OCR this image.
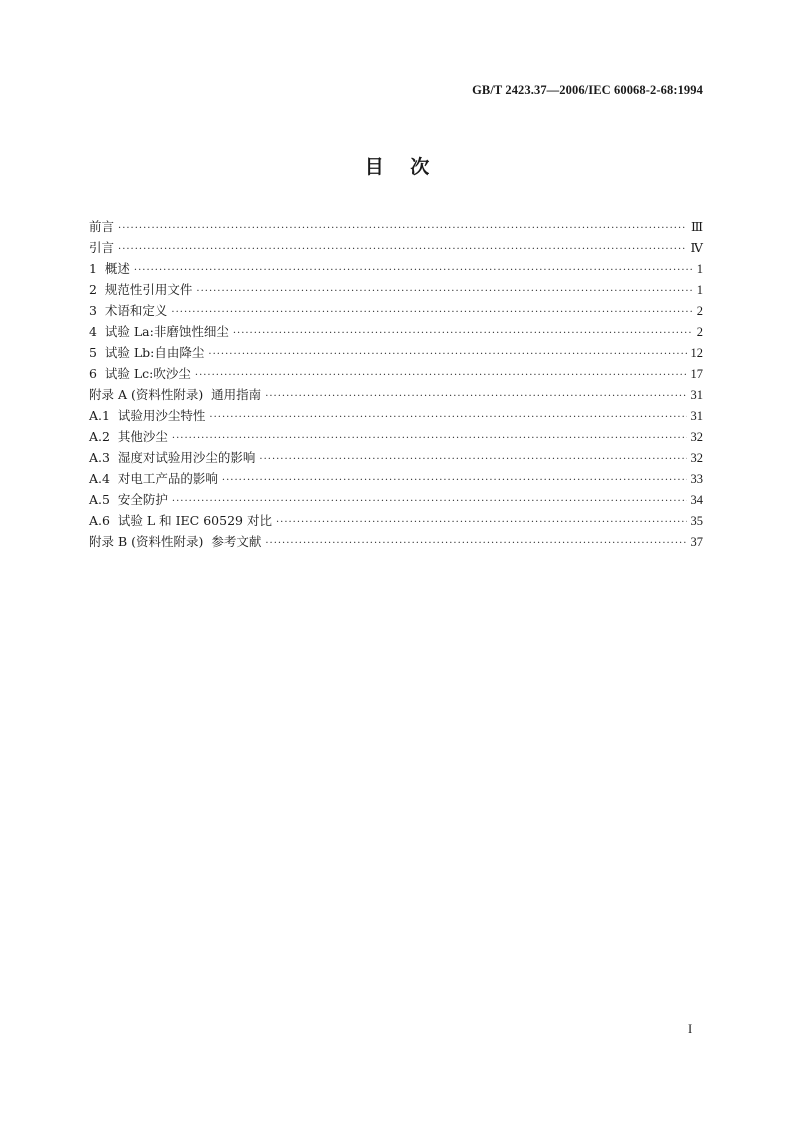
GB/T 2423.37—2006/IEC 60068-2-68:1994
目    次
前言 ·····	Ⅲ
引言 ·····	Ⅳ
1  概述 ·····	1
2  规范性引用文件 ·····	1
3  术语和定义 ·····	2
4  试验 La:非磨蚀性细尘 ·····	2
5  试验 Lb:自由降尘 ·····	12
6  试验 Lc:吹沙尘 ·····	17
附录 A (资料性附录)  通用指南 ·····	31
A.1  试验用沙尘特性 ·····	31
A.2  其他沙尘 ·····	32
A.3  湿度对试验用沙尘的影响 ·····	32
A.4  对电工产品的影响 ·····	33
A.5  安全防护 ·····	34
A.6  试验 L 和 IEC 60529 对比 ·····	35
附录 B (资料性附录)  参考文献 ·····	37
I
